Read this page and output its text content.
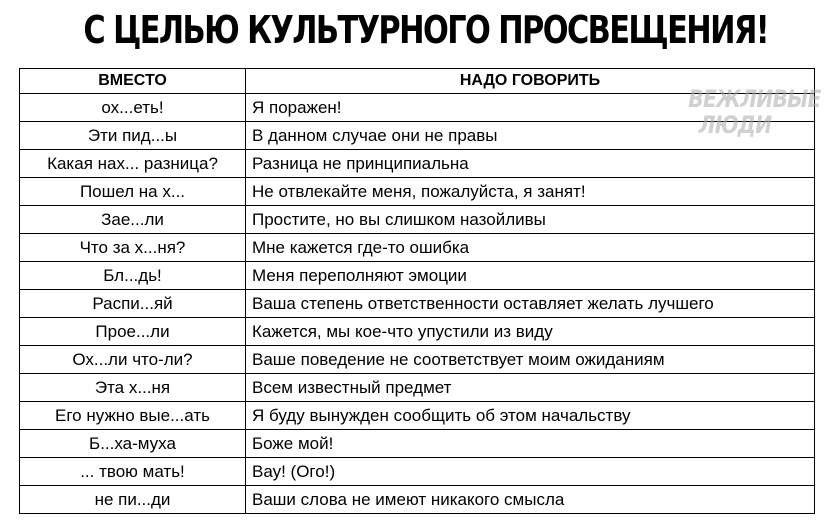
С ЦЕЛЬЮ КУЛЬТУРНОГО ПРОСВЕЩЕНИЯ!
ВМЕСТО	НАДО ГОВОРИТЬ
ох...еть!	Я поражен!
Эти пид...ы	В данном случае они не правы
Какая нах... разница?	Разница не принципиальна
Пошел на х...	Не отвлекайте меня, пожалуйста, я занят!
Зае...ли	Простите, но вы слишком назойливы
Что за х...ня?	Мне кажется где-то ошибка
Бл...дь!	Меня переполняют эмоции
Распи...яй	Ваша степень ответственности оставляет желать лучшего
Прое...ли	Кажется, мы кое-что упустили из виду
Ох...ли что-ли?	Ваше поведение не соответствует моим ожиданиям
Эта х...ня	Всем известный предмет
Его нужно вые...ать	Я буду вынужден сообщить об этом начальству
Б...ха-муха	Боже мой!
... твою мать!	Вау! (Ого!)
не пи...ди	Ваши слова не имеют никакого смысла
ВЕЖЛИВЫЕ
ЛЮДИ
